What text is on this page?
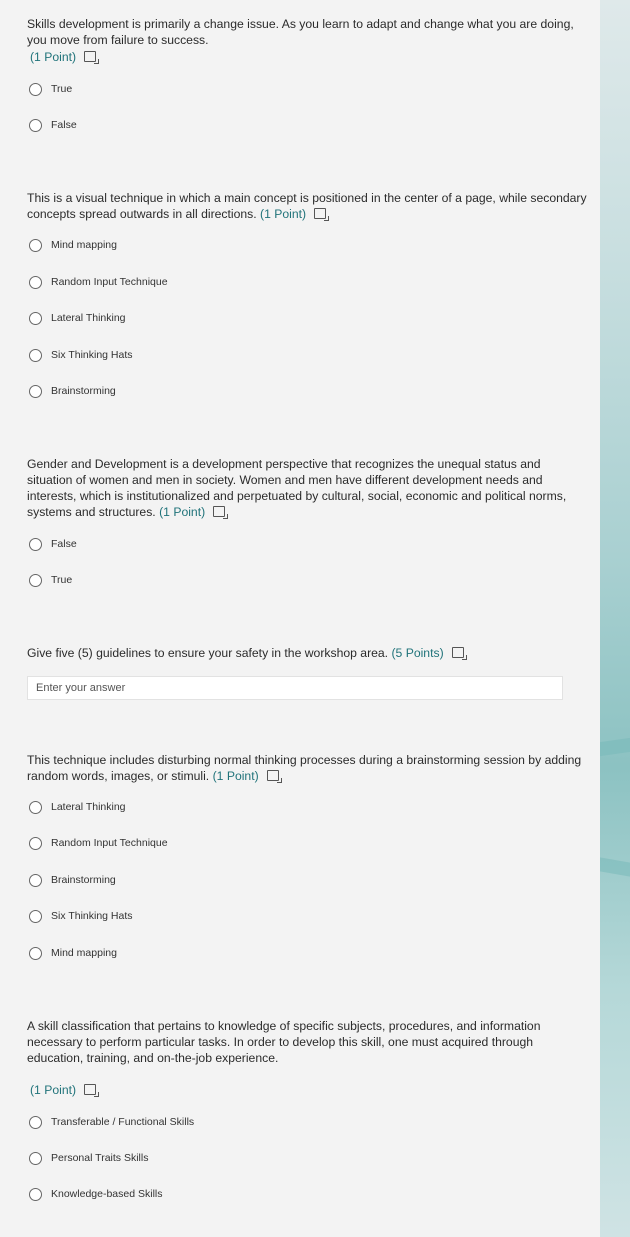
Skills development is primarily a change issue. As you learn to adapt and change what you are doing, you move from failure to success.
(1 Point)
True
False
This is a visual technique in which a main concept is positioned in the center of a page, while secondary concepts spread outwards in all directions. (1 Point)
Mind mapping
Random Input Technique
Lateral Thinking
Six Thinking Hats
Brainstorming
Gender and Development is a development perspective that recognizes the unequal status and situation of women and men in society. Women and men have different development needs and interests, which is institutionalized and perpetuated by cultural, social, economic and political norms, systems and structures. (1 Point)
False
True
Give five (5) guidelines to ensure your safety in the workshop area. (5 Points)
Enter your answer
This technique includes disturbing normal thinking processes during a brainstorming session by adding random words, images, or stimuli. (1 Point)
Lateral Thinking
Random Input Technique
Brainstorming
Six Thinking Hats
Mind mapping
A skill classification that pertains to knowledge of specific subjects, procedures, and information necessary to perform particular tasks. In order to develop this skill, one must acquired through education, training, and on-the-job experience.
(1 Point)
Transferable / Functional Skills
Personal Traits Skills
Knowledge-based Skills
